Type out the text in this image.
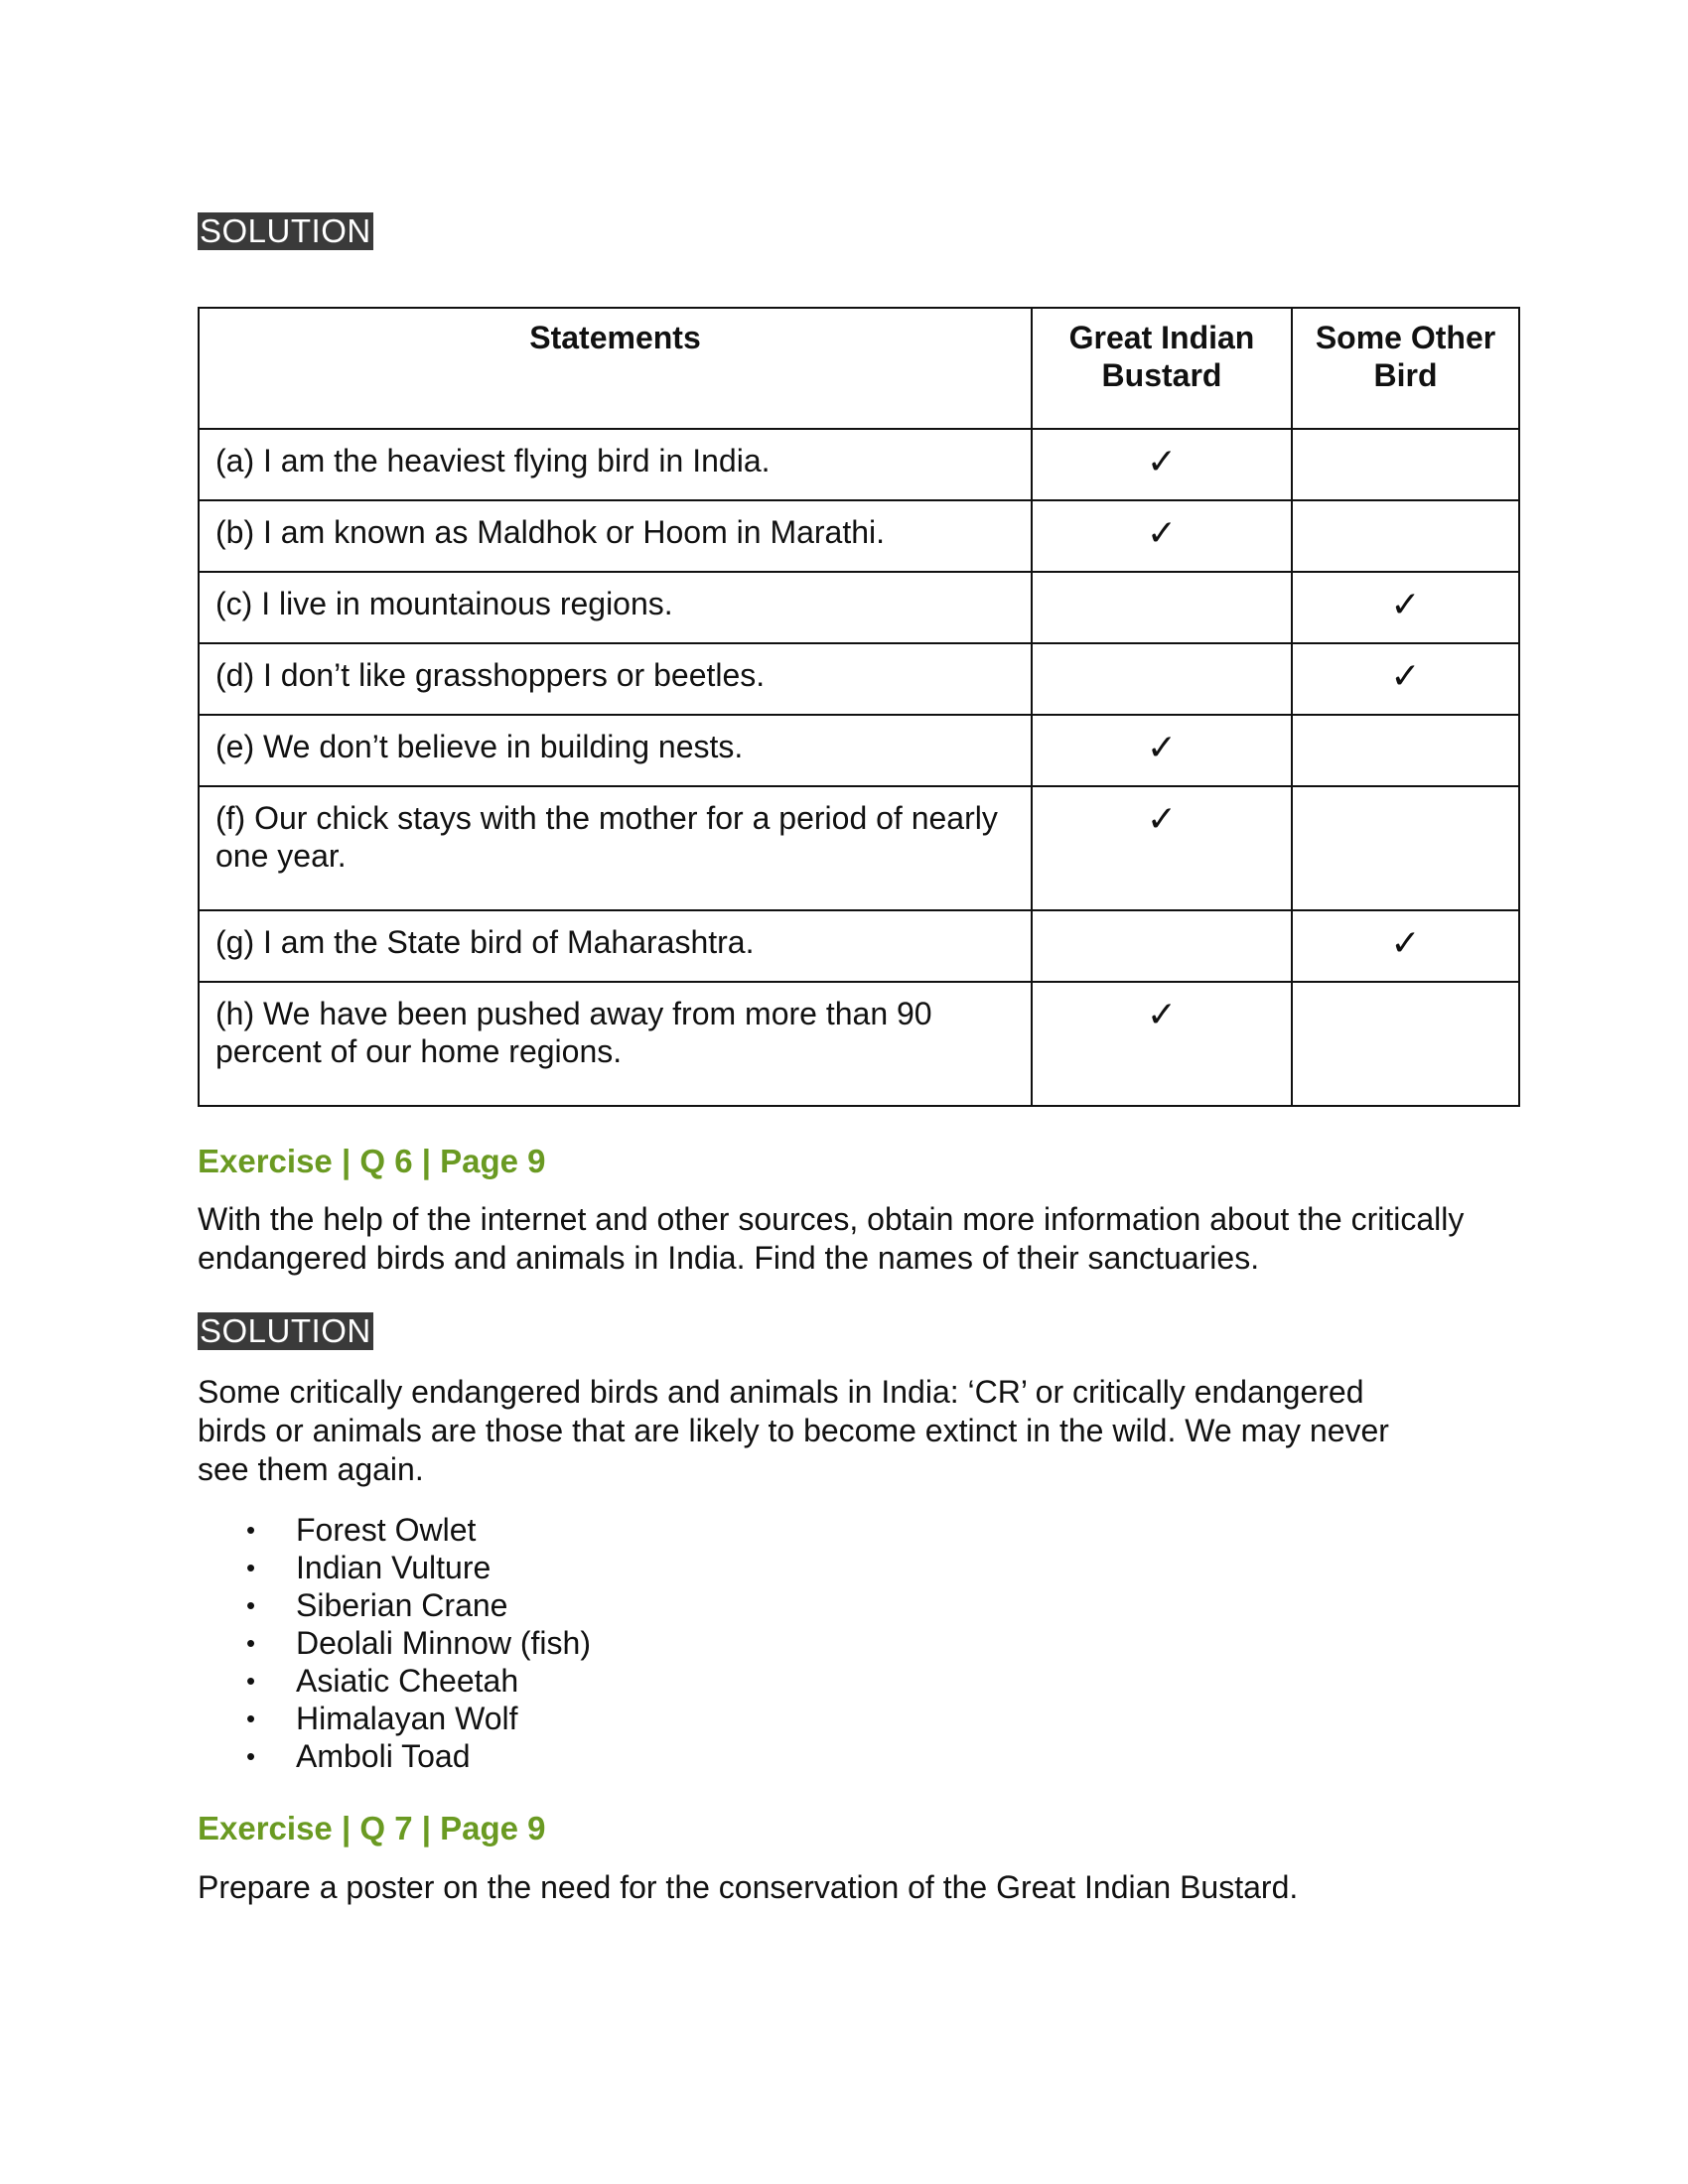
SOLUTION
Statements	Great Indian Bustard	Some Other Bird
(a) I am the heaviest flying bird in India.	✓	
(b) I am known as Maldhok or Hoom in Marathi.	✓	
(c) I live in mountainous regions.		✓
(d) I don’t like grasshoppers or beetles.		✓
(e) We don’t believe in building nests.	✓	
(f) Our chick stays with the mother for a period of nearly one year.	✓	
(g) I am the State bird of Maharashtra.		✓
(h) We have been pushed away from more than 90 percent of our home regions.	✓	
Exercise | Q 6 | Page 9
With the help of the internet and other sources, obtain more information about the critically endangered birds and animals in India. Find the names of their sanctuaries.
SOLUTION
Some critically endangered birds and animals in India: ‘CR’ or critically endangered birds or animals are those that are likely to become extinct in the wild. We may never see them again.
• Forest Owlet
• Indian Vulture
• Siberian Crane
• Deolali Minnow (fish)
• Asiatic Cheetah
• Himalayan Wolf
• Amboli Toad
Exercise | Q 7 | Page 9
Prepare a poster on the need for the conservation of the Great Indian Bustard.
